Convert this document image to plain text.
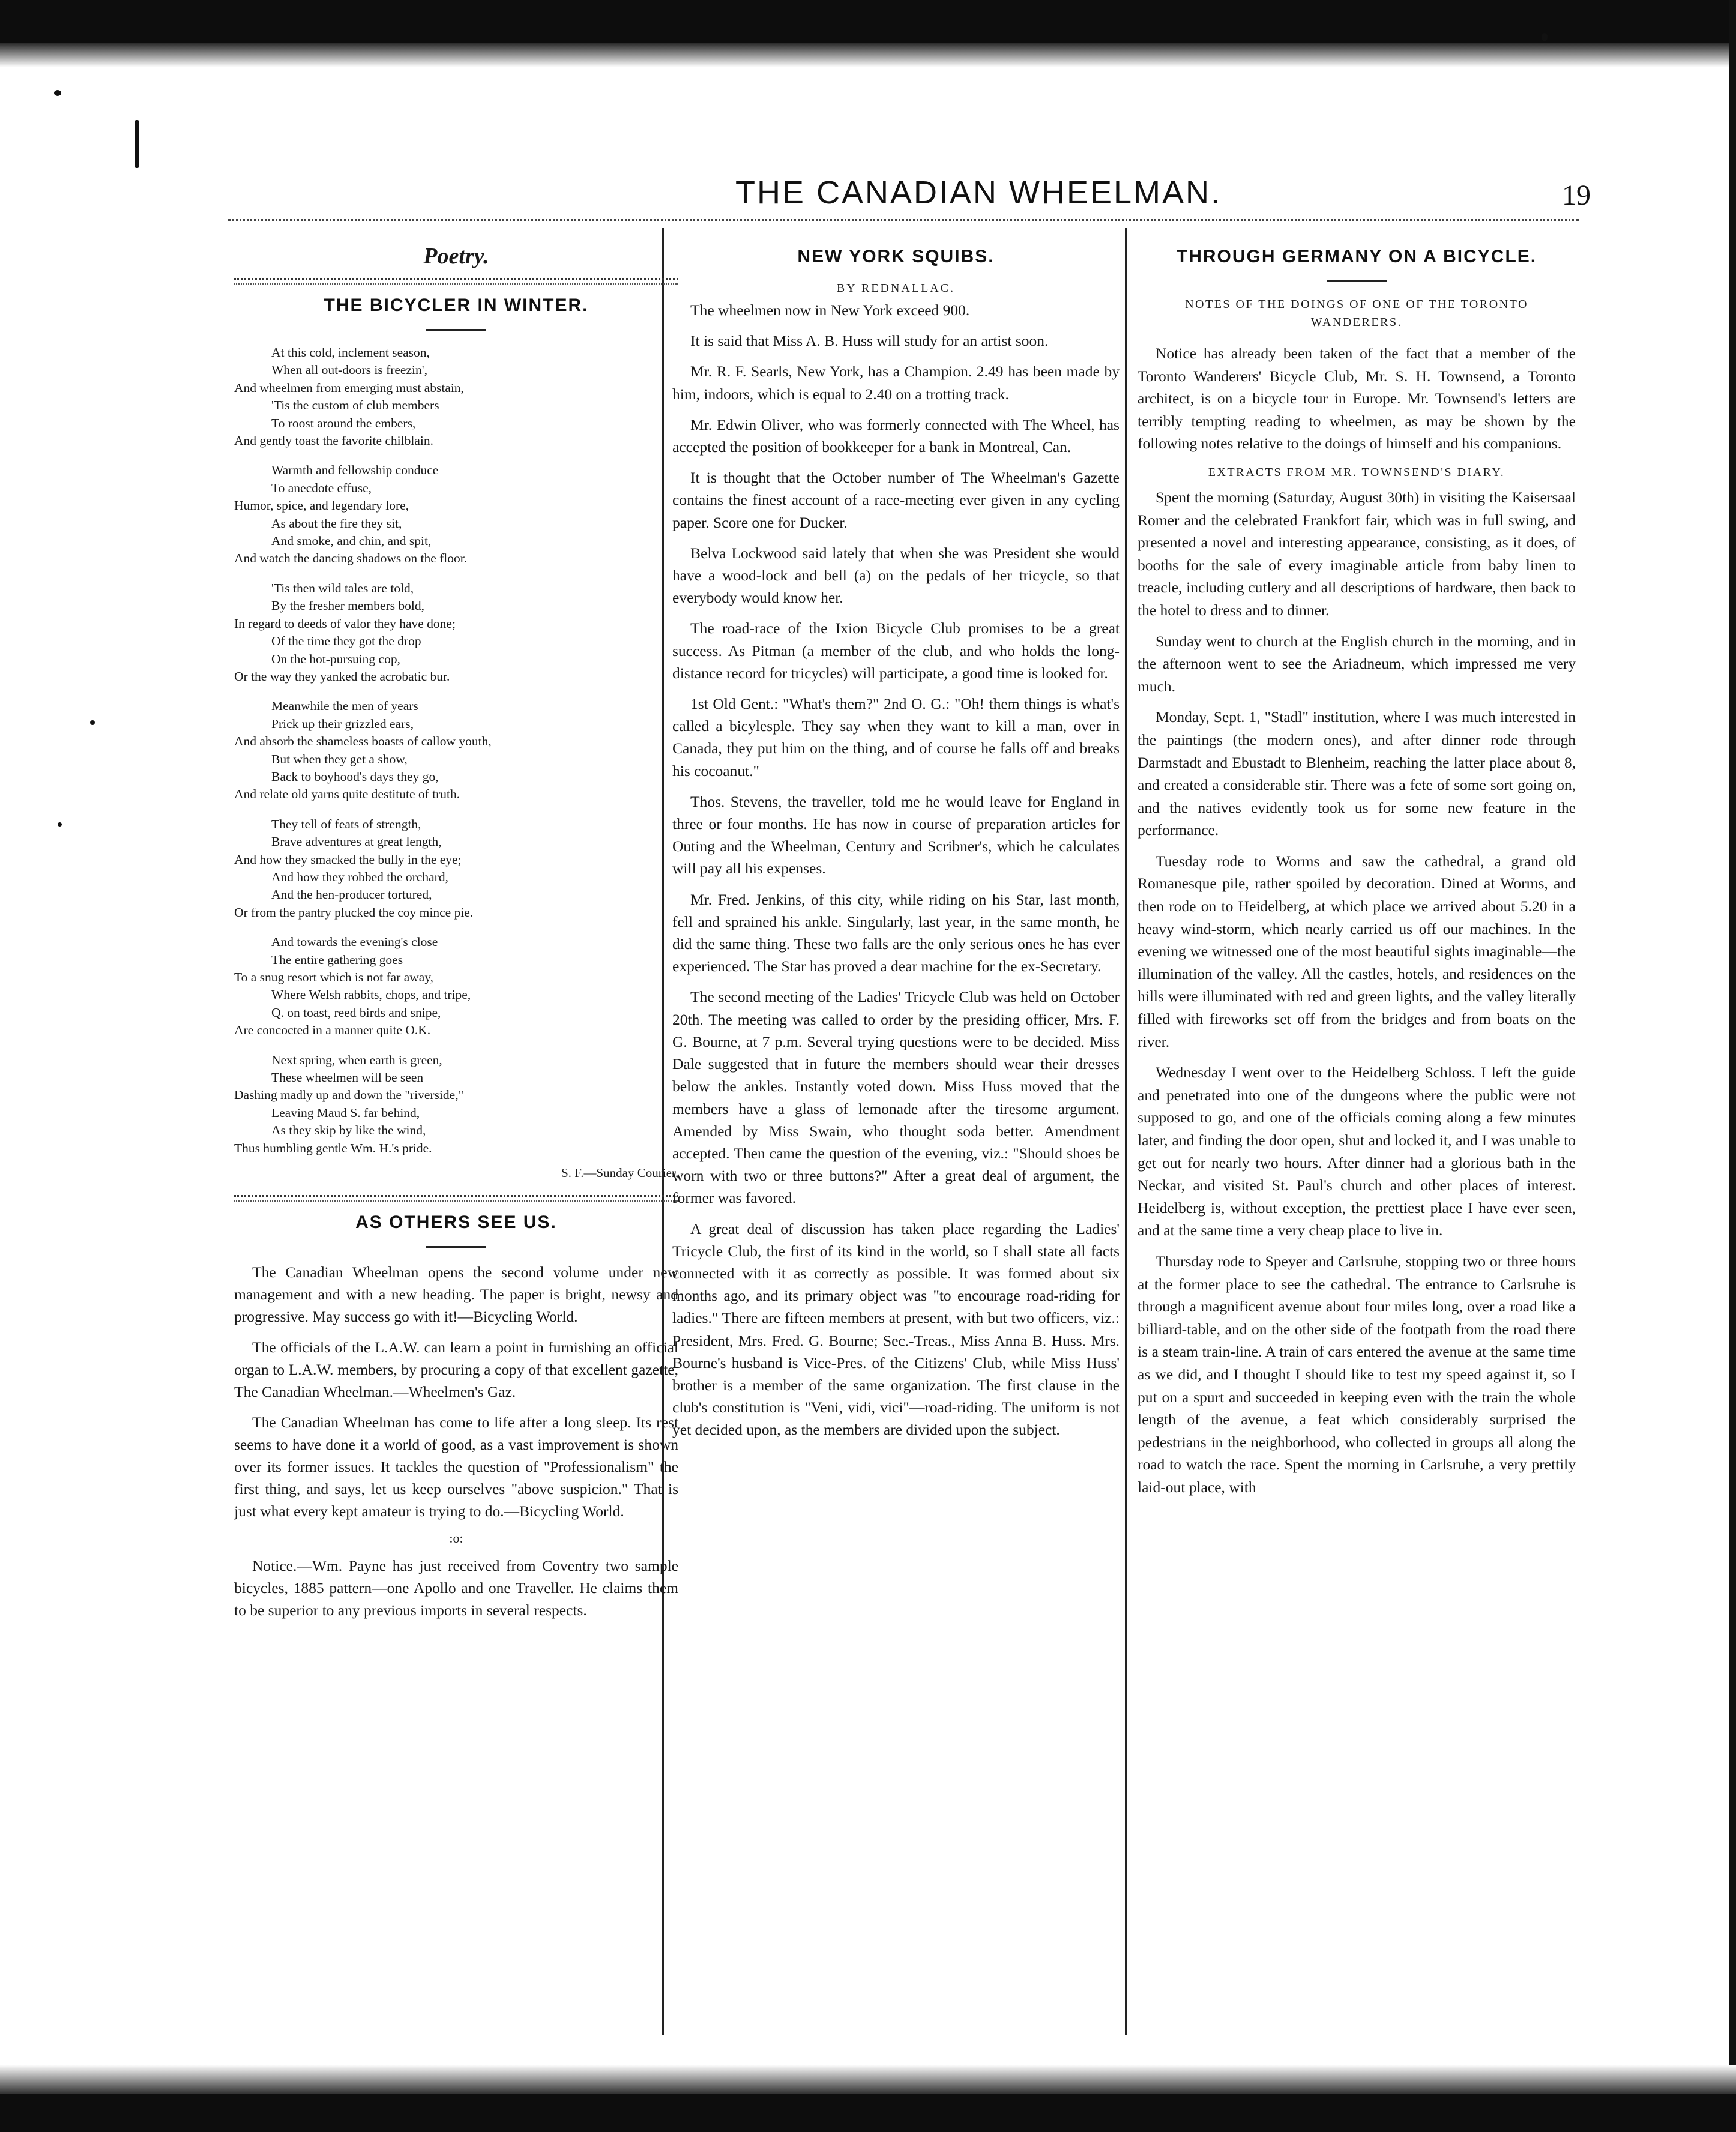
THE CANADIAN WHEELMAN.	19
Poetry.
THE BICYCLER IN WINTER.
At this cold, inclement season,
When all out-doors is freezin',
And wheelmen from emerging must abstain,
'Tis the custom of club members
To roost around the embers,
And gently toast the favorite chilblain.
Warmth and fellowship conduce
To anecdote effuse,
Humor, spice, and legendary lore,
As about the fire they sit,
And smoke, and chin, and spit,
And watch the dancing shadows on the floor.
'Tis then wild tales are told,
By the fresher members bold,
In regard to deeds of valor they have done;
Of the time they got the drop
On the hot-pursuing cop,
Or the way they yanked the acrobatic bur.
Meanwhile the men of years
Prick up their grizzled ears,
And absorb the shameless boasts of callow youth,
But when they get a show,
Back to boyhood's days they go,
And relate old yarns quite destitute of truth.
They tell of feats of strength,
Brave adventures at great length,
And how they smacked the bully in the eye;
And how they robbed the orchard,
And the hen-producer tortured,
Or from the pantry plucked the coy mince pie.
And towards the evening's close
The entire gathering goes
To a snug resort which is not far away,
Where Welsh rabbits, chops, and tripe,
Q. on toast, reed birds and snipe,
Are concocted in a manner quite O.K.
Next spring, when earth is green,
These wheelmen will be seen
Dashing madly up and down the "riverside,"
Leaving Maud S. far behind,
As they skip by like the wind,
Thus humbling gentle Wm. H.'s pride.
S. F.—Sunday Courier.
AS OTHERS SEE US.

The Canadian Wheelman opens the second volume under new management and with a new heading. The paper is bright, newsy and progressive. May success go with it!—Bicycling World.

The officials of the L.A.W. can learn a point in furnishing an official organ to L.A.W. members, by procuring a copy of that excellent gazette, The Canadian Wheelman.—Wheelmen's Gaz.

The Canadian Wheelman has come to life after a long sleep. Its rest seems to have done it a world of good, as a vast improvement is shown over its former issues. It tackles the question of "Professionalism" the first thing, and says, let us keep ourselves "above suspicion." That is just what every kept amateur is trying to do.—Bicycling World.

:o:

Notice.—Wm. Payne has just received from Coventry two sample bicycles, 1885 pattern—one Apollo and one Traveller. He claims them to be superior to any previous imports in several respects.

NEW YORK SQUIBS.
BY REDNALLAC.

The wheelmen now in New York exceed 900.

It is said that Miss A. B. Huss will study for an artist soon.

Mr. R. F. Searls, New York, has a Champion. 2.49 has been made by him, indoors, which is equal to 2.40 on a trotting track.

Mr. Edwin Oliver, who was formerly connected with The Wheel, has accepted the position of bookkeeper for a bank in Montreal, Can.

It is thought that the October number of The Wheelman's Gazette contains the finest account of a race-meeting ever given in any cycling paper. Score one for Ducker.

Belva Lockwood said lately that when she was President she would have a wood-lock and bell (a) on the pedals of her tricycle, so that everybody would know her.

The road-race of the Ixion Bicycle Club promises to be a great success. As Pitman (a member of the club, and who holds the long-distance record for tricycles) will participate, a good time is looked for.

1st Old Gent.: "What's them?" 2nd O. G.: "Oh! them things is what's called a bicylesple. They say when they want to kill a man, over in Canada, they put him on the thing, and of course he falls off and breaks his cocoanut."

Thos. Stevens, the traveller, told me he would leave for England in three or four months. He has now in course of preparation articles for Outing and the Wheelman, Century and Scribner's, which he calculates will pay all his expenses.

Mr. Fred. Jenkins, of this city, while riding on his Star, last month, fell and sprained his ankle. Singularly, last year, in the same month, he did the same thing. These two falls are the only serious ones he has ever experienced. The Star has proved a dear machine for the ex-Secretary.

The second meeting of the Ladies' Tricycle Club was held on October 20th. The meeting was called to order by the presiding officer, Mrs. F. G. Bourne, at 7 p.m. Several trying questions were to be decided. Miss Dale suggested that in future the members should wear their dresses below the ankles. Instantly voted down. Miss Huss moved that the members have a glass of lemonade after the tiresome argument. Amended by Miss Swain, who thought soda better. Amendment accepted. Then came the question of the evening, viz.: "Should shoes be worn with two or three buttons?" After a great deal of argument, the former was favored.

A great deal of discussion has taken place regarding the Ladies' Tricycle Club, the first of its kind in the world, so I shall state all facts connected with it as correctly as possible. It was formed about six months ago, and its primary object was "to encourage road-riding for ladies." There are fifteen members at present, with but two officers, viz.: President, Mrs. Fred. G. Bourne; Sec.-Treas., Miss Anna B. Huss. Mrs. Bourne's husband is Vice-Pres. of the Citizens' Club, while Miss Huss' brother is a member of the same organization. The first clause in the club's constitution is "Veni, vidi, vici"—road-riding. The uniform is not yet decided upon, as the members are divided upon the subject.

THROUGH GERMANY ON A BICYCLE.
NOTES OF THE DOINGS OF ONE OF THE TORONTO WANDERERS.

Notice has already been taken of the fact that a member of the Toronto Wanderers' Bicycle Club, Mr. S. H. Townsend, a Toronto architect, is on a bicycle tour in Europe. Mr. Townsend's letters are terribly tempting reading to wheelmen, as may be shown by the following notes relative to the doings of himself and his companions.

EXTRACTS FROM MR. TOWNSEND'S DIARY.

Spent the morning (Saturday, August 30th) in visiting the Kaisersaal Romer and the celebrated Frankfort fair, which was in full swing, and presented a novel and interesting appearance, consisting, as it does, of booths for the sale of every imaginable article from baby linen to treacle, including cutlery and all descriptions of hardware, then back to the hotel to dress and to dinner.

Sunday went to church at the English church in the morning, and in the afternoon went to see the Ariadneum, which impressed me very much.

Monday, Sept. 1, "Stadl" institution, where I was much interested in the paintings (the modern ones), and after dinner rode through Darmstadt and Ebustadt to Blenheim, reaching the latter place about 8, and created a considerable stir. There was a fete of some sort going on, and the natives evidently took us for some new feature in the performance.

Tuesday rode to Worms and saw the cathedral, a grand old Romanesque pile, rather spoiled by decoration. Dined at Worms, and then rode on to Heidelberg, at which place we arrived about 5.20 in a heavy wind-storm, which nearly carried us off our machines. In the evening we witnessed one of the most beautiful sights imaginable—the illumination of the valley. All the castles, hotels, and residences on the hills were illuminated with red and green lights, and the valley literally filled with fireworks set off from the bridges and from boats on the river.

Wednesday I went over to the Heidelberg Schloss. I left the guide and penetrated into one of the dungeons where the public were not supposed to go, and one of the officials coming along a few minutes later, and finding the door open, shut and locked it, and I was unable to get out for nearly two hours. After dinner had a glorious bath in the Neckar, and visited St. Paul's church and other places of interest. Heidelberg is, without exception, the prettiest place I have ever seen, and at the same time a very cheap place to live in.

Thursday rode to Speyer and Carlsruhe, stopping two or three hours at the former place to see the cathedral. The entrance to Carlsruhe is through a magnificent avenue about four miles long, over a road like a billiard-table, and on the other side of the footpath from the road there is a steam train-line. A train of cars entered the avenue at the same time as we did, and I thought I should like to test my speed against it, so I put on a spurt and succeeded in keeping even with the train the whole length of the avenue, a feat which considerably surprised the pedestrians in the neighborhood, who collected in groups all along the road to watch the race. Spent the morning in Carlsruhe, a very prettily laid-out place, with
